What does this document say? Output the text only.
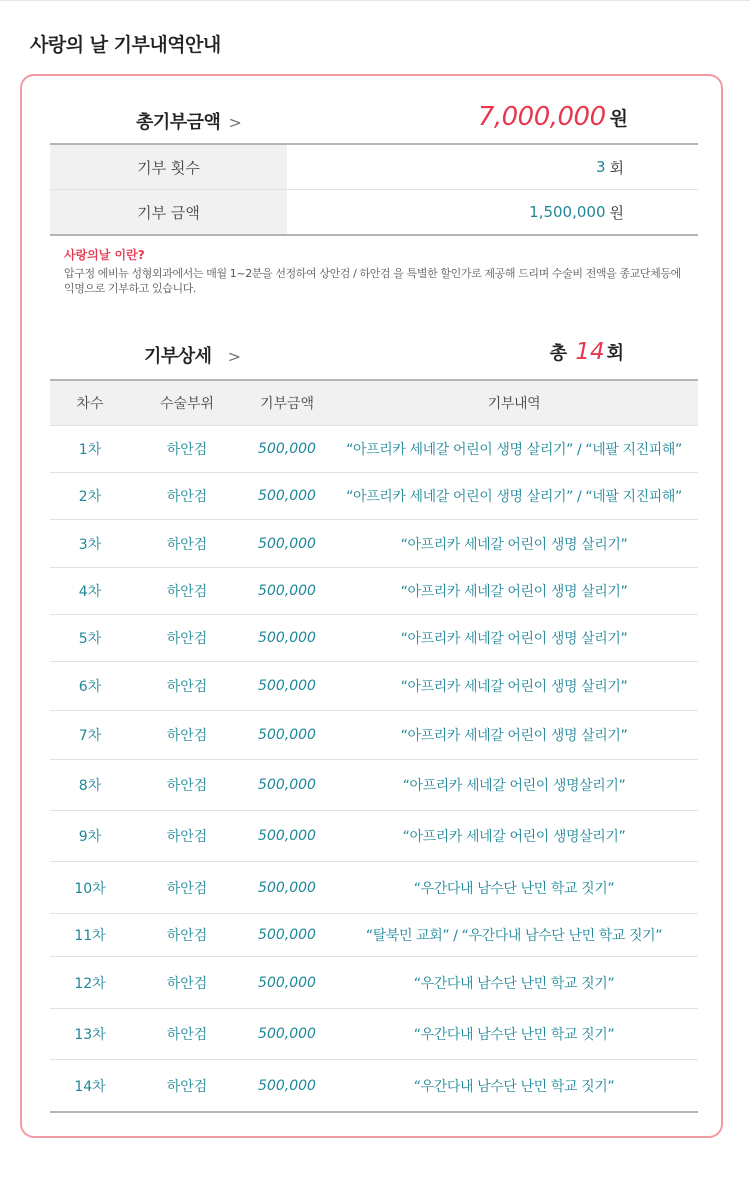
사랑의 날 기부내역안내
총기부금액 >	7,000,000 원
기부 횟수	3 회
기부 금액	1,500,000 원
사랑의날 이란?
압구정 에비뉴 성형외과에서는 매월 1~2분을 선정하여 상안검 / 하안검 을 특별한 할인가로 제공해 드리며 수술비 전액을 종교단체등에 익명으로 기부하고 있습니다.
기부상세 >	총 14 회
차수	수술부위	기부금액	기부내역
1차	하안검	500,000	“아프리카 세네갈 어린이 생명 살리기” / “네팔 지진피해”
2차	하안검	500,000	“아프리카 세네갈 어린이 생명 살리기” / “네팔 지진피해”
3차	하안검	500,000	“아프리카 세네갈 어린이 생명 살리기”
4차	하안검	500,000	“아프리카 세네갈 어린이 생명 살리기”
5차	하안검	500,000	“아프리카 세네갈 어린이 생명 살리기”
6차	하안검	500,000	“아프리카 세네갈 어린이 생명 살리기”
7차	하안검	500,000	“아프리카 세네갈 어린이 생명 살리기”
8차	하안검	500,000	“아프리카 세네갈 어린이 생명살리기”
9차	하안검	500,000	“아프리카 세네갈 어린이 생명살리기”
10차	하안검	500,000	“우간다내 남수단 난민 학교 짓기”
11차	하안검	500,000	“탈북민 교회” / “우간다내 남수단 난민 학교 짓기”
12차	하안검	500,000	“우간다내 남수단 난민 학교 짓기”
13차	하안검	500,000	“우간다내 남수단 난민 학교 짓기”
14차	하안검	500,000	“우간다내 남수단 난민 학교 짓기”
